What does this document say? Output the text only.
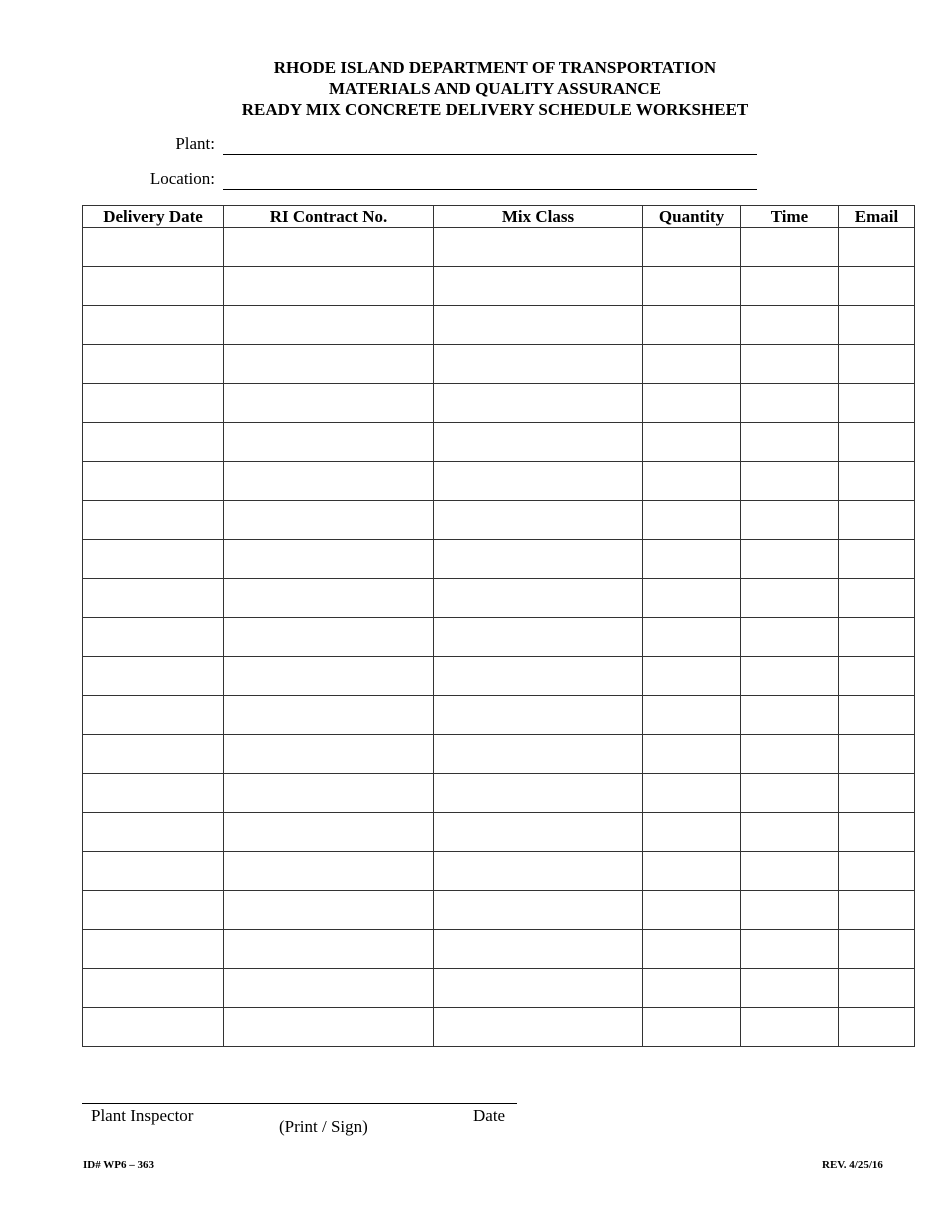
RHODE ISLAND DEPARTMENT OF TRANSPORTATION
MATERIALS AND QUALITY ASSURANCE
READY MIX CONCRETE DELIVERY SCHEDULE WORKSHEET
Plant:
Location:
Delivery Date	RI Contract No.	Mix Class	Quantity	Time	Email

Plant Inspector
(Print / Sign)
Date
ID# WP6 – 363	REV. 4/25/16
